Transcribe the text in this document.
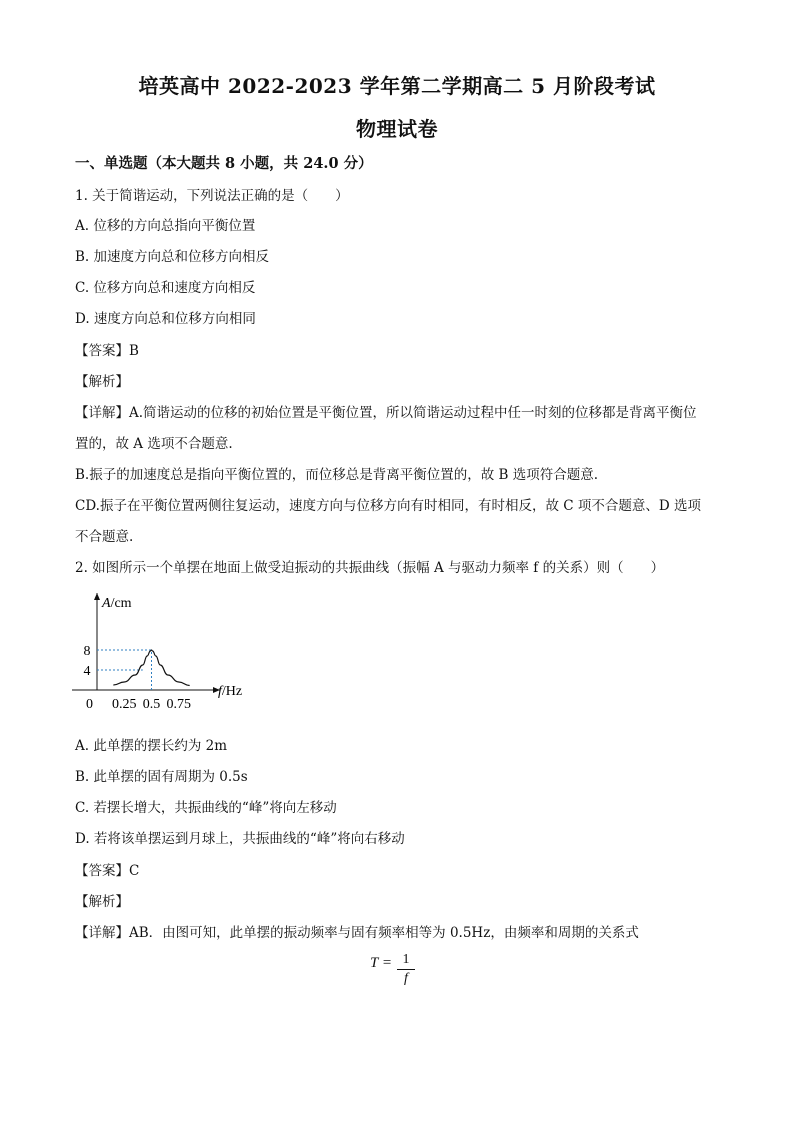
培英高中 2022-2023 学年第二学期高二 5 月阶段考试
物理试卷
一、单选题（本大题共 8 小题，共 24.0 分）
1. 关于简谐运动，下列说法正确的是（　　）
A. 位移的方向总指向平衡位置
B. 加速度方向总和位移方向相反
C. 位移方向总和速度方向相反
D. 速度方向总和位移方向相同
【答案】B
【解析】
【详解】A.简谐运动的位移的初始位置是平衡位置，所以简谐运动过程中任一时刻的位移都是背离平衡位
置的，故 A 选项不合题意.
B.振子的加速度总是指向平衡位置的，而位移总是背离平衡位置的，故 B 选项符合题意.
CD.振子在平衡位置两侧往复运动，速度方向与位移方向有时相同，有时相反，故 C 项不合题意、D 选项
不合题意.
2. 如图所示一个单摆在地面上做受迫振动的共振曲线（振幅 A 与驱动力频率 f 的关系）则（　　）
A/cm
f/Hz
0 0.25 0.5 0.75
4
8
A. 此单摆的摆长约为 2m
B. 此单摆的固有周期为 0.5s
C. 若摆长增大，共振曲线的“峰”将向左移动
D. 若将该单摆运到月球上，共振曲线的“峰”将向右移动
【答案】C
【解析】
【详解】AB．由图可知，此单摆的振动频率与固有频率相等为 0.5Hz，由频率和周期的关系式
T = 1
f
